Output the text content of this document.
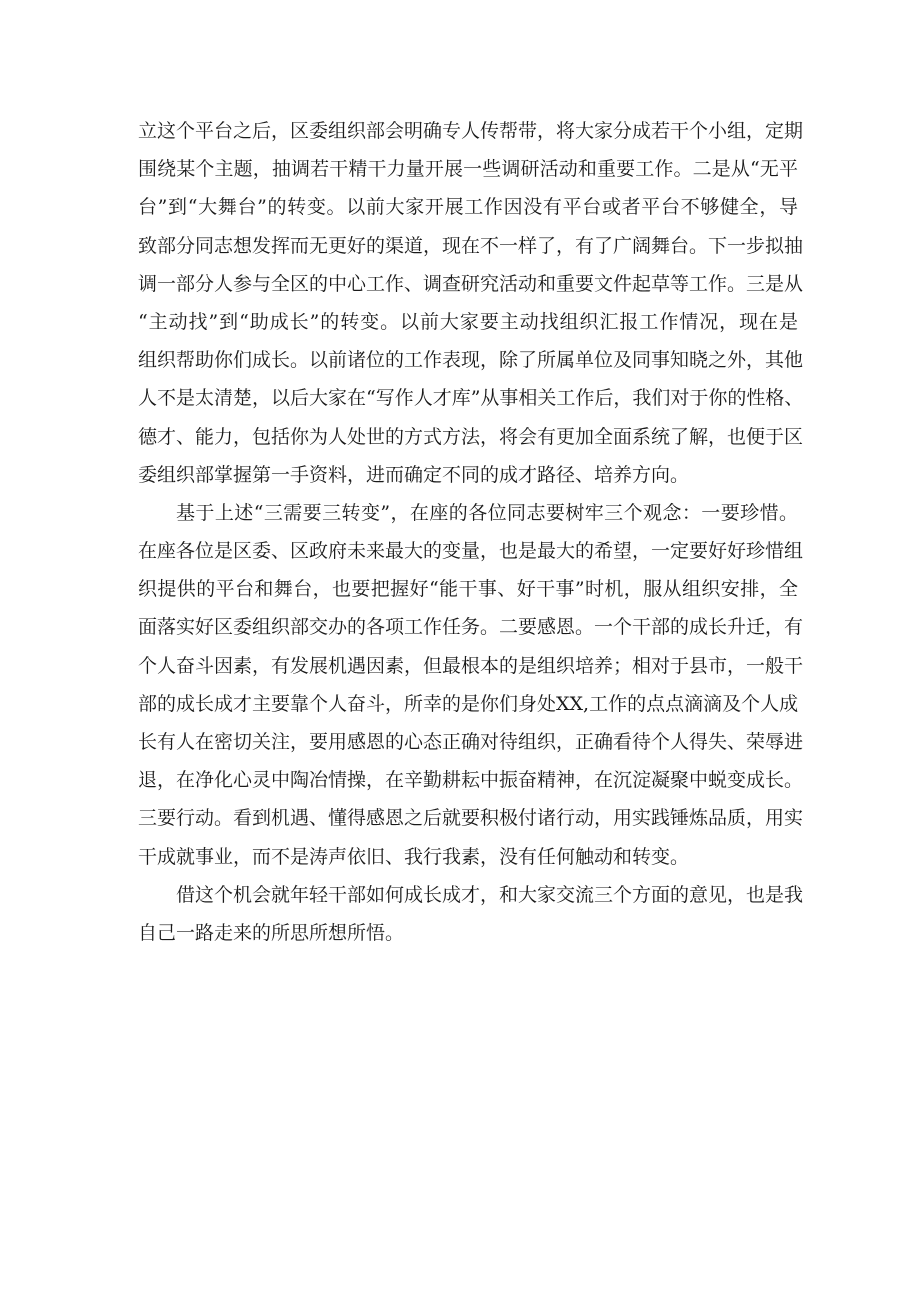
立这个平台之后，区委组织部会明确专人传帮带，将大家分成若干个小组，定期
围绕某个主题，抽调若干精干力量开展一些调研活动和重要工作。二是从“无平
台”到“大舞台”的转变。以前大家开展工作因没有平台或者平台不够健全，导
致部分同志想发挥而无更好的渠道，现在不一样了，有了广阔舞台。下一步拟抽
调一部分人参与全区的中心工作、调查研究活动和重要文件起草等工作。三是从
“主动找”到“助成长”的转变。以前大家要主动找组织汇报工作情况，现在是
组织帮助你们成长。以前诸位的工作表现，除了所属单位及同事知晓之外，其他
人不是太清楚，以后大家在“写作人才库”从事相关工作后，我们对于你的性格、
德才、能力，包括你为人处世的方式方法，将会有更加全面系统了解，也便于区
委组织部掌握第一手资料，进而确定不同的成才路径、培养方向。
基于上述“三需要三转变”，在座的各位同志要树牢三个观念：一要珍惜。
在座各位是区委、区政府未来最大的变量，也是最大的希望，一定要好好珍惜组
织提供的平台和舞台，也要把握好“能干事、好干事”时机，服从组织安排，全
面落实好区委组织部交办的各项工作任务。二要感恩。一个干部的成长升迁，有
个人奋斗因素，有发展机遇因素，但最根本的是组织培养；相对于县市，一般干
部的成长成才主要靠个人奋斗，所幸的是你们身处XX,工作的点点滴滴及个人成
长有人在密切关注，要用感恩的心态正确对待组织，正确看待个人得失、荣辱进
退，在净化心灵中陶冶情操，在辛勤耕耘中振奋精神，在沉淀凝聚中蜕变成长。
三要行动。看到机遇、懂得感恩之后就要积极付诸行动，用实践锤炼品质，用实
干成就事业，而不是涛声依旧、我行我素，没有任何触动和转变。
借这个机会就年轻干部如何成长成才，和大家交流三个方面的意见，也是我
自己一路走来的所思所想所悟。
